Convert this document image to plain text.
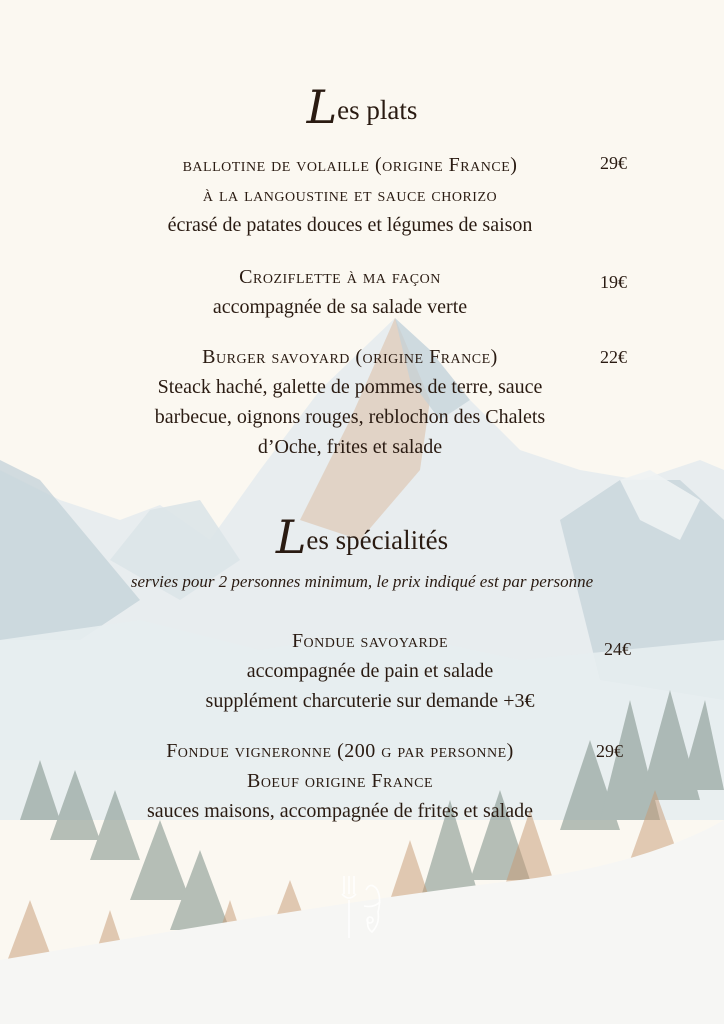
Les plats
ballotine de volaille (origine France)
à la langoustine et sauce chorizo
écrasé de patates douces et légumes de saison
29€
Croziflette à ma façon
accompagnée de sa salade verte
19€
Burger savoyard (origine France)
Steack haché, galette de pommes de terre, sauce
barbecue, oignons rouges, reblochon des Chalets
d’Oche, frites et salade
22€
Les spécialités
servies pour 2 personnes minimum, le prix indiqué est par personne
Fondue savoyarde
accompagnée de pain et salade
supplément charcuterie sur demande +3€
24€
Fondue vigneronne (200 g par personne)
Boeuf origine France
sauces maisons, accompagnée de frites et salade
29€
